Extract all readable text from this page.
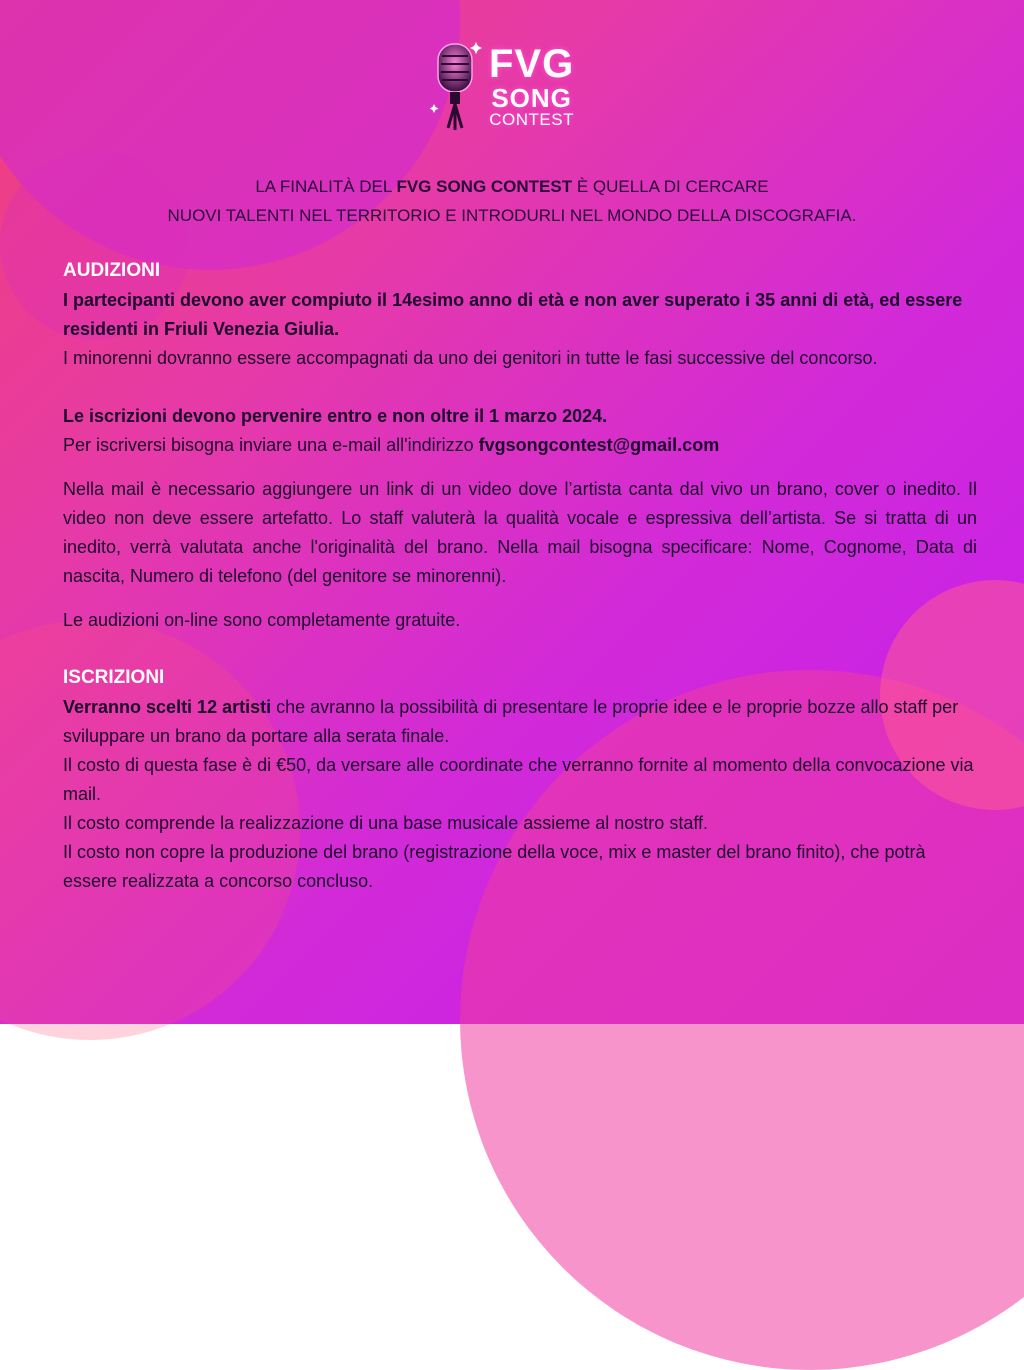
FVG
SONG
CONTEST
LA FINALITÀ DEL FVG SONG CONTEST È QUELLA DI CERCARE
NUOVI TALENTI NEL TERRITORIO E INTRODURLI NEL MONDO DELLA DISCOGRAFIA.
AUDIZIONI

I partecipanti devono aver compiuto il 14esimo anno di età e non aver superato i 35 anni di età, ed essere residenti in Friuli Venezia Giulia.

I minorenni dovranno essere accompagnati da uno dei genitori in tutte le fasi successive del concorso.

Le iscrizioni devono pervenire entro e non oltre il 1 marzo 2024.

Per iscriversi bisogna inviare una e-mail all'indirizzo fvgsongcontest@gmail.com

Nella mail è necessario aggiungere un link di un video dove l’artista canta dal vivo un brano, cover o inedito. Il video non deve essere artefatto. Lo staff valuterà la qualità vocale e espressiva dell’artista. Se si tratta di un inedito, verrà valutata anche l'originalità del brano. Nella mail bisogna specificare: Nome, Cognome, Data di nascita, Numero di telefono (del genitore se minorenni).

Le audizioni on-line sono completamente gratuite.

ISCRIZIONI

Verranno scelti 12 artisti che avranno la possibilità di presentare le proprie idee e le proprie bozze allo staff per sviluppare un brano da portare alla serata finale.

Il costo di questa fase è di €50, da versare alle coordinate che verranno fornite al momento della convocazione via mail.

Il costo comprende la realizzazione di una base musicale assieme al nostro staff.

Il costo non copre la produzione del brano (registrazione della voce, mix e master del brano finito), che potrà essere realizzata a concorso concluso.
